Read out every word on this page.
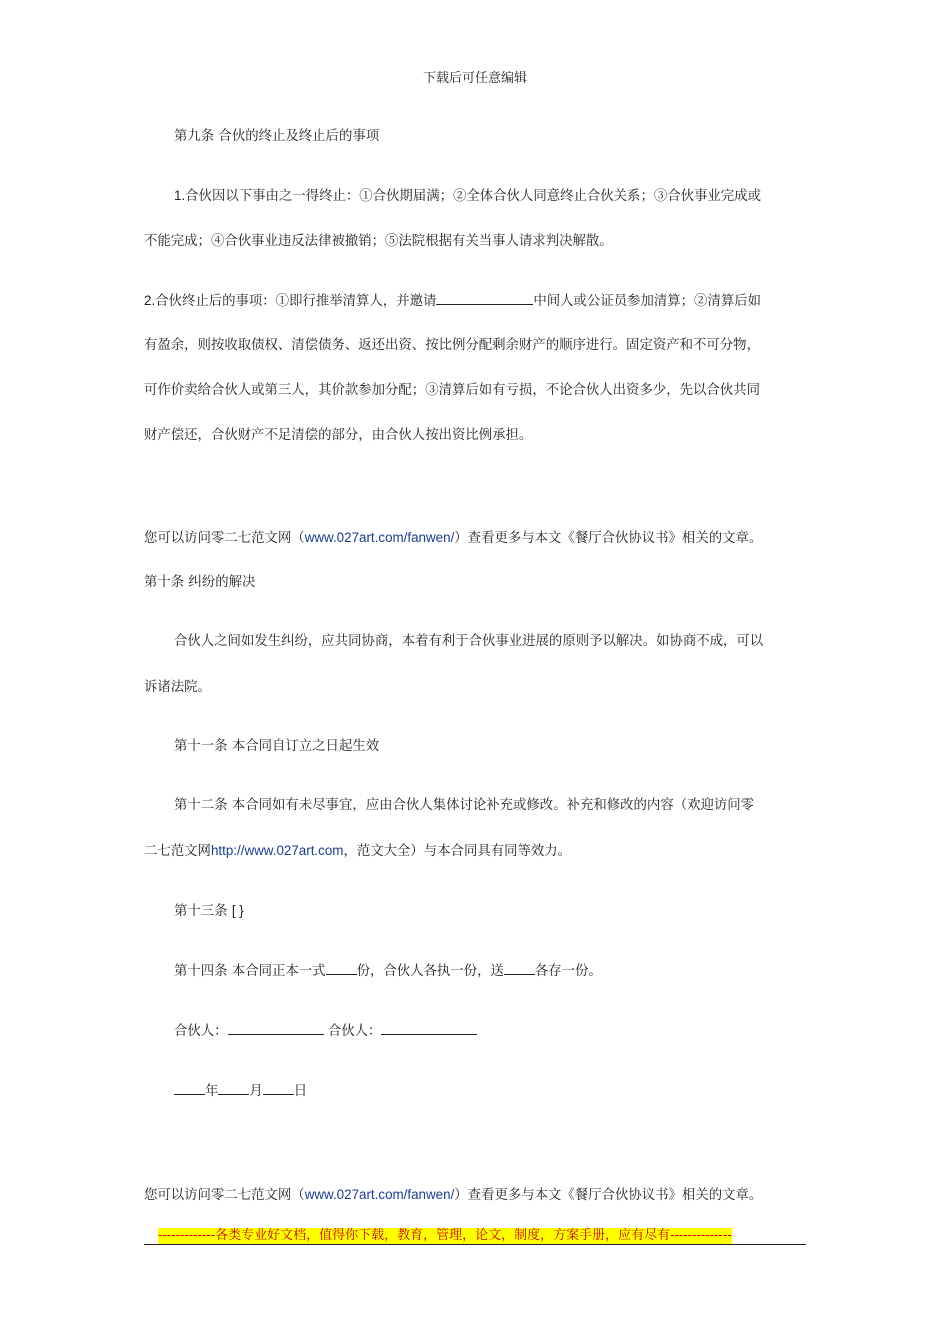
下载后可任意编辑
第九条 合伙的终止及终止后的事项
1.合伙因以下事由之一得终止：①合伙期届满；②全体合伙人同意终止合伙关系；③合伙事业完成或
不能完成；④合伙事业违反法律被撤销；⑤法院根据有关当事人请求判决解散。
2.合伙终止后的事项：①即行推举清算人，并邀请	中间人或公证员参加清算；②清算后如
有盈余，则按收取债权、清偿债务、返还出资、按比例分配剩余财产的顺序进行。固定资产和不可分物，
可作价卖给合伙人或第三人，其价款参加分配；③清算后如有亏损，不论合伙人出资多少，先以合伙共同
财产偿还，合伙财产不足清偿的部分，由合伙人按出资比例承担。
您可以访问零二七范文网（www.027art.com/fanwen/）查看更多与本文《餐厅合伙协议书》相关的文章。
第十条 纠纷的解决
合伙人之间如发生纠纷，应共同协商，本着有利于合伙事业进展的原则予以解决。如协商不成，可以
诉诸法院。
第十一条 本合同自订立之日起生效
第十二条 本合同如有未尽事宜，应由合伙人集体讨论补充或修改。补充和修改的内容（欢迎访问零
二七范文网http://www.027art.com，范文大全）与本合同具有同等效力。
第十三条 [ }
第十四条 本合同正本一式 份，合伙人各执一份，送 各存一份。
合伙人：	合伙人：
年 月 日
您可以访问零二七范文网（www.027art.com/fanwen/）查看更多与本文《餐厅合伙协议书》相关的文章。
-------------各类专业好文档，值得你下载，教育，管理，论文，制度，方案手册，应有尽有--------------
